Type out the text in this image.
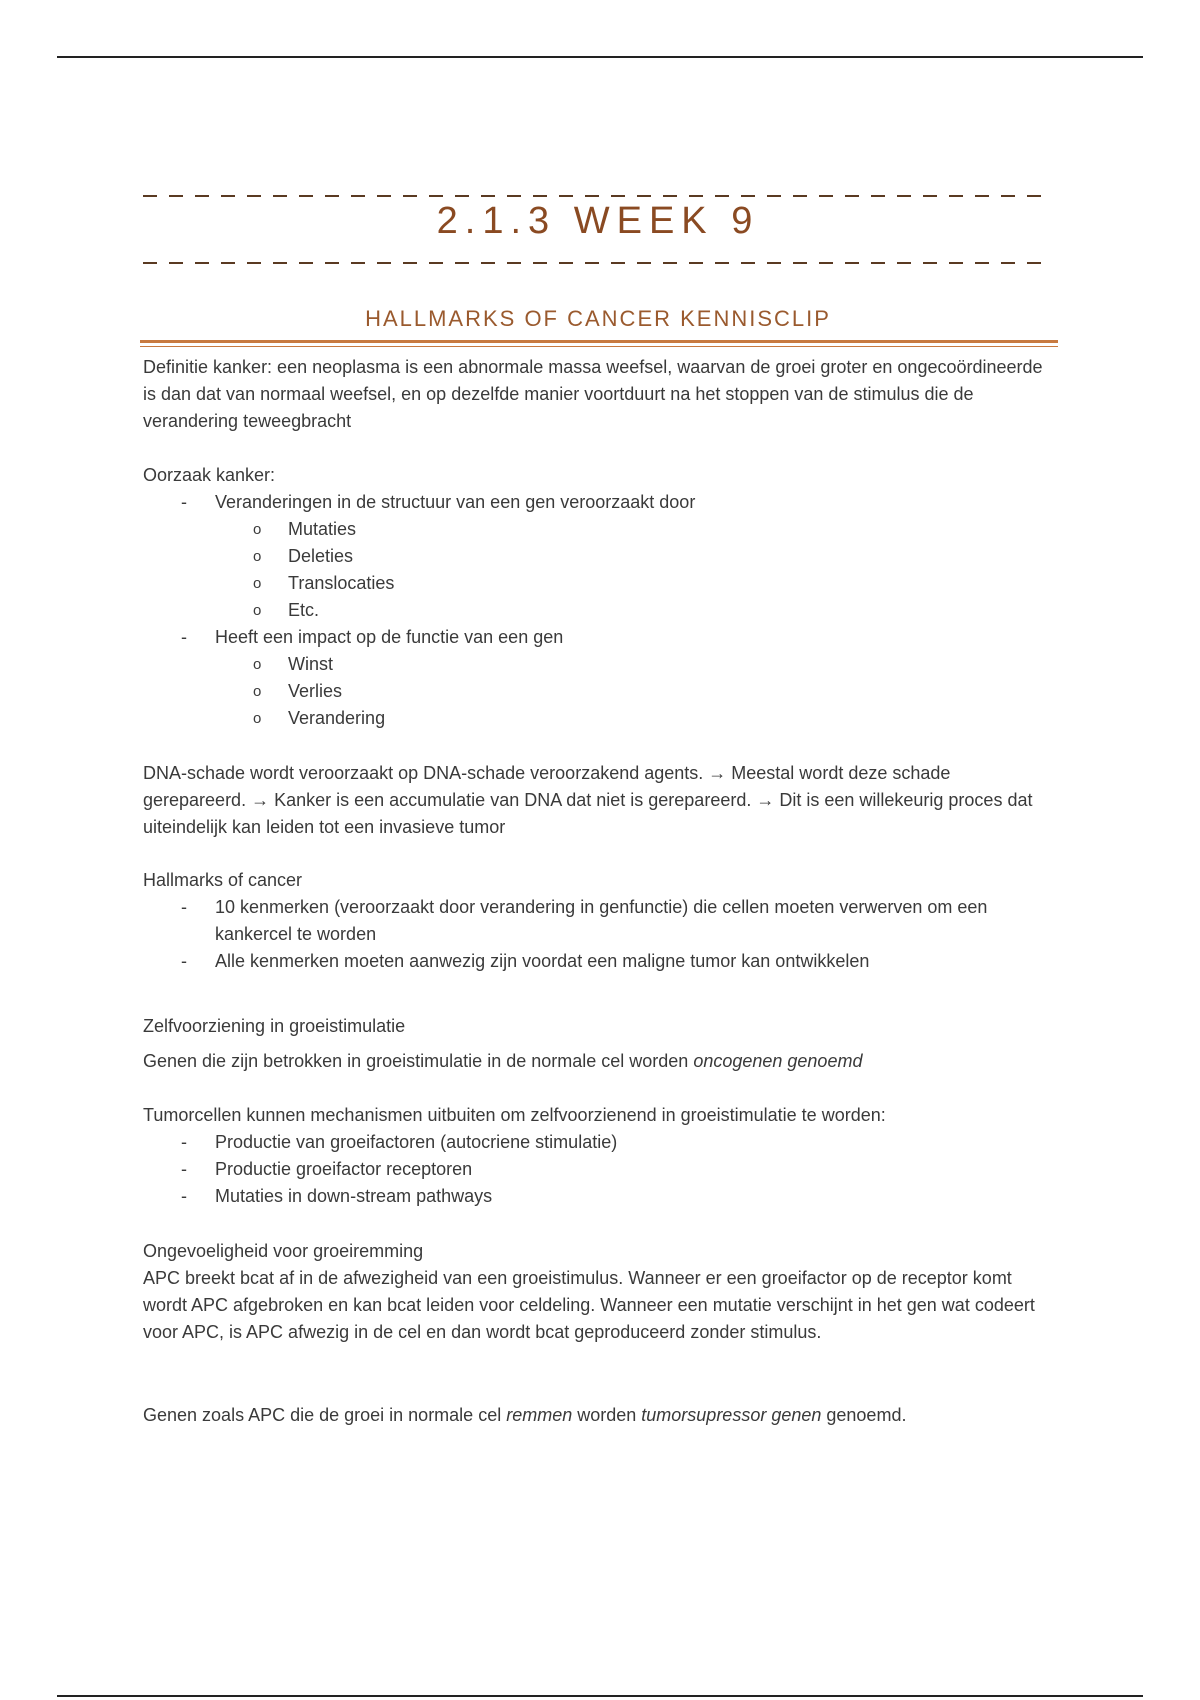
2.1.3 WEEK 9
HALLMARKS OF CANCER KENNISCLIP

Definitie kanker: een neoplasma is een abnormale massa weefsel, waarvan de groei groter en ongecoördineerde is dan dat van normaal weefsel, en op dezelfde manier voortduurt na het stoppen van de stimulus die de verandering teweegbracht

Oorzaak kanker:

- Veranderingen in de structuur van een gen veroorzaakt door
o Mutaties
o Deleties
o Translocaties
o Etc.
- Heeft een impact op de functie van een gen
o Winst
o Verlies
o Verandering

DNA-schade wordt veroorzaakt op DNA-schade veroorzakend agents. → Meestal wordt deze schade gerepareerd. → Kanker is een accumulatie van DNA dat niet is gerepareerd. → Dit is een willekeurig proces dat uiteindelijk kan leiden tot een invasieve tumor

Hallmarks of cancer

- 10 kenmerken (veroorzaakt door verandering in genfunctie) die cellen moeten verwerven om een kankercel te worden
- Alle kenmerken moeten aanwezig zijn voordat een maligne tumor kan ontwikkelen

Zelfvoorziening in groeistimulatie

Genen die zijn betrokken in groeistimulatie in de normale cel worden oncogenen genoemd

Tumorcellen kunnen mechanismen uitbuiten om zelfvoorzienend in groeistimulatie te worden:

- Productie van groeifactoren (autocriene stimulatie)
- Productie groeifactor receptoren
- Mutaties in down-stream pathways

Ongevoeligheid voor groeiremming

APC breekt bcat af in de afwezigheid van een groeistimulus. Wanneer er een groeifactor op de receptor komt wordt APC afgebroken en kan bcat leiden voor celdeling. Wanneer een mutatie verschijnt in het gen wat codeert voor APC, is APC afwezig in de cel en dan wordt bcat geproduceerd zonder stimulus.

Genen zoals APC die de groei in normale cel remmen worden tumorsupressor genen genoemd.
